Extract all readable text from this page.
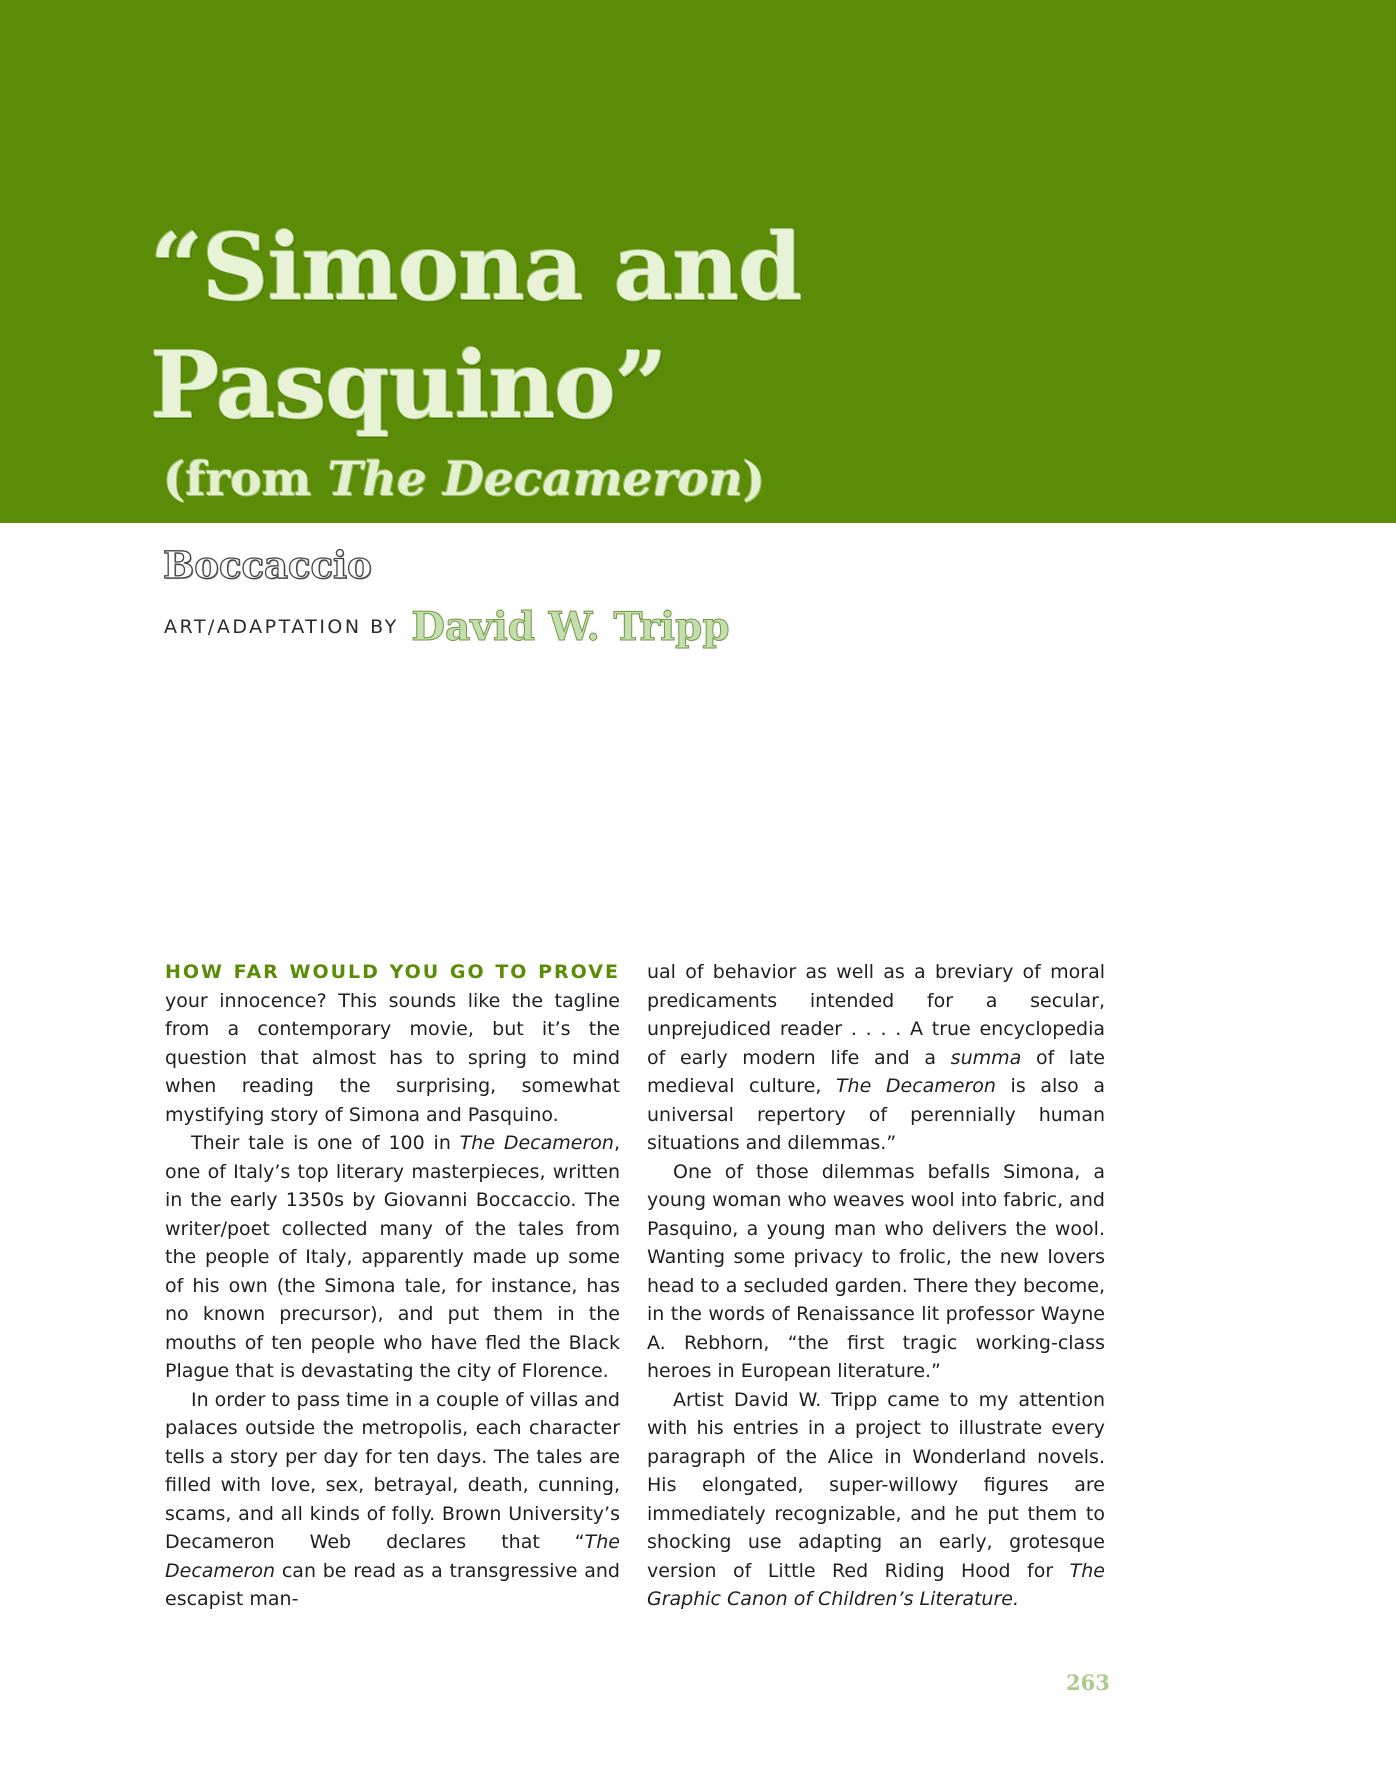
“Simona and
Pasquino”
(from The Decameron)
Boccaccio
ART/ADAPTATION BY David W. Tripp

HOW FAR WOULD YOU GO TO PROVE your innocence? This sounds like the tagline from a contemporary movie, but it’s the question that almost has to spring to mind when reading the surprising, somewhat mystifying story of Simona and Pasquino.

Their tale is one of 100 in The Decameron, one of Italy’s top literary masterpieces, written in the early 1350s by Giovanni Boccaccio. The writer/poet collected many of the tales from the people of Italy, apparently made up some of his own (the Simona tale, for instance, has no known precursor), and put them in the mouths of ten people who have fled the Black Plague that is devastating the city of Florence.

In order to pass time in a couple of villas and palaces outside the metropolis, each character tells a story per day for ten days. The tales are filled with love, sex, betrayal, death, cunning, scams, and all kinds of folly. Brown University’s Decameron Web declares that “The Decameron can be read as a transgressive and escapist man-

ual of behavior as well as a breviary of moral predicaments intended for a secular, unprejudiced reader . . . . A true encyclopedia of early modern life and a summa of late medieval culture, The Decameron is also a universal repertory of perennially human situations and dilemmas.”

One of those dilemmas befalls Simona, a young woman who weaves wool into fabric, and Pasquino, a young man who delivers the wool. Wanting some privacy to frolic, the new lovers head to a secluded garden. There they become, in the words of Renaissance lit professor Wayne A. Rebhorn, “the first tragic working-class heroes in European literature.”

Artist David W. Tripp came to my attention with his entries in a project to illustrate every paragraph of the Alice in Wonderland novels. His elongated, super-willowy figures are immediately recognizable, and he put them to shocking use adapting an early, grotesque version of Little Red Riding Hood for The Graphic Canon of Children’s Literature.

263
